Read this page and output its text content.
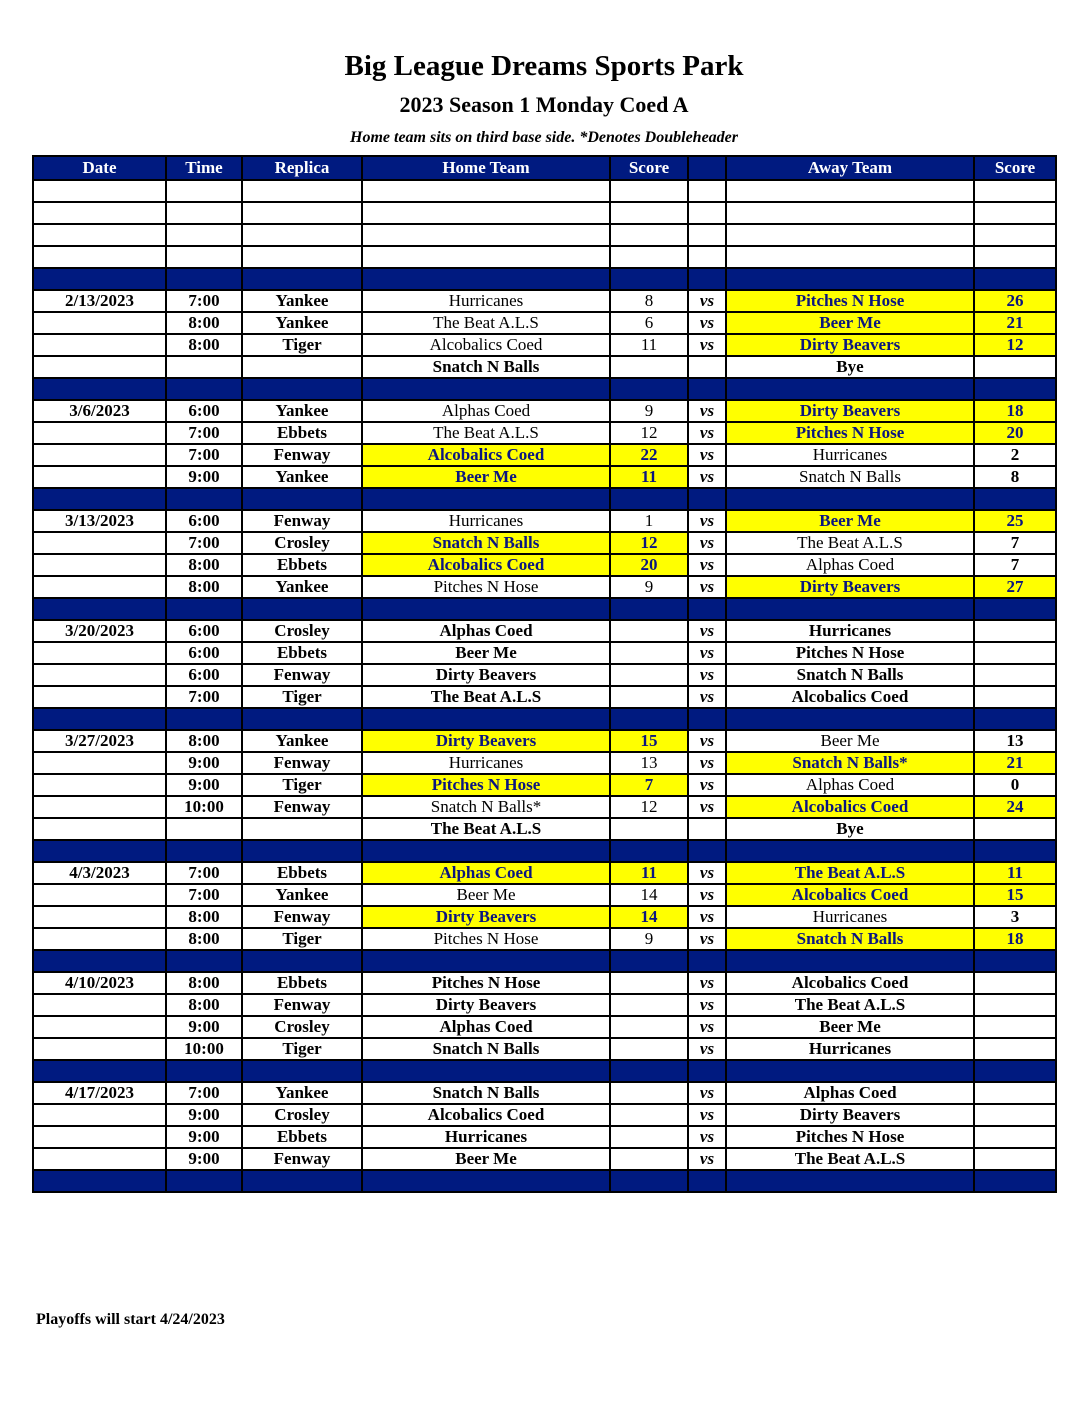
Big League Dreams Sports Park
2023 Season 1 Monday Coed A
Home team sits on third base side. *Denotes Doubleheader
Date	Time	Replica	Home Team	Score		Away Team	Score

2/13/2023	7:00	Yankee	Hurricanes	8	vs	Pitches N Hose	26
	8:00	Yankee	The Beat A.L.S	6	vs	Beer Me	21
	8:00	Tiger	Alcobalics Coed	11	vs	Dirty Beavers	12
			Snatch N Balls			Bye	

3/6/2023	6:00	Yankee	Alphas Coed	9	vs	Dirty Beavers	18
	7:00	Ebbets	The Beat A.L.S	12	vs	Pitches N Hose	20
	7:00	Fenway	Alcobalics Coed	22	vs	Hurricanes	2
	9:00	Yankee	Beer Me	11	vs	Snatch N Balls	8

3/13/2023	6:00	Fenway	Hurricanes	1	vs	Beer Me	25
	7:00	Crosley	Snatch N Balls	12	vs	The Beat A.L.S	7
	8:00	Ebbets	Alcobalics Coed	20	vs	Alphas Coed	7
	8:00	Yankee	Pitches N Hose	9	vs	Dirty Beavers	27

3/20/2023	6:00	Crosley	Alphas Coed		vs	Hurricanes	
	6:00	Ebbets	Beer Me		vs	Pitches N Hose	
	6:00	Fenway	Dirty Beavers		vs	Snatch N Balls	
	7:00	Tiger	The Beat A.L.S		vs	Alcobalics Coed	

3/27/2023	8:00	Yankee	Dirty Beavers	15	vs	Beer Me	13
	9:00	Fenway	Hurricanes	13	vs	Snatch N Balls*	21
	9:00	Tiger	Pitches N Hose	7	vs	Alphas Coed	0
	10:00	Fenway	Snatch N Balls*	12	vs	Alcobalics Coed	24
			The Beat A.L.S			Bye	

4/3/2023	7:00	Ebbets	Alphas Coed	11	vs	The Beat A.L.S	11
	7:00	Yankee	Beer Me	14	vs	Alcobalics Coed	15
	8:00	Fenway	Dirty Beavers	14	vs	Hurricanes	3
	8:00	Tiger	Pitches N Hose	9	vs	Snatch N Balls	18

4/10/2023	8:00	Ebbets	Pitches N Hose		vs	Alcobalics Coed	
	8:00	Fenway	Dirty Beavers		vs	The Beat A.L.S	
	9:00	Crosley	Alphas Coed		vs	Beer Me	
	10:00	Tiger	Snatch N Balls		vs	Hurricanes	

4/17/2023	7:00	Yankee	Snatch N Balls		vs	Alphas Coed	
	9:00	Crosley	Alcobalics Coed		vs	Dirty Beavers	
	9:00	Ebbets	Hurricanes		vs	Pitches N Hose	
	9:00	Fenway	Beer Me		vs	The Beat A.L.S	

Playoffs will start 4/24/2023
